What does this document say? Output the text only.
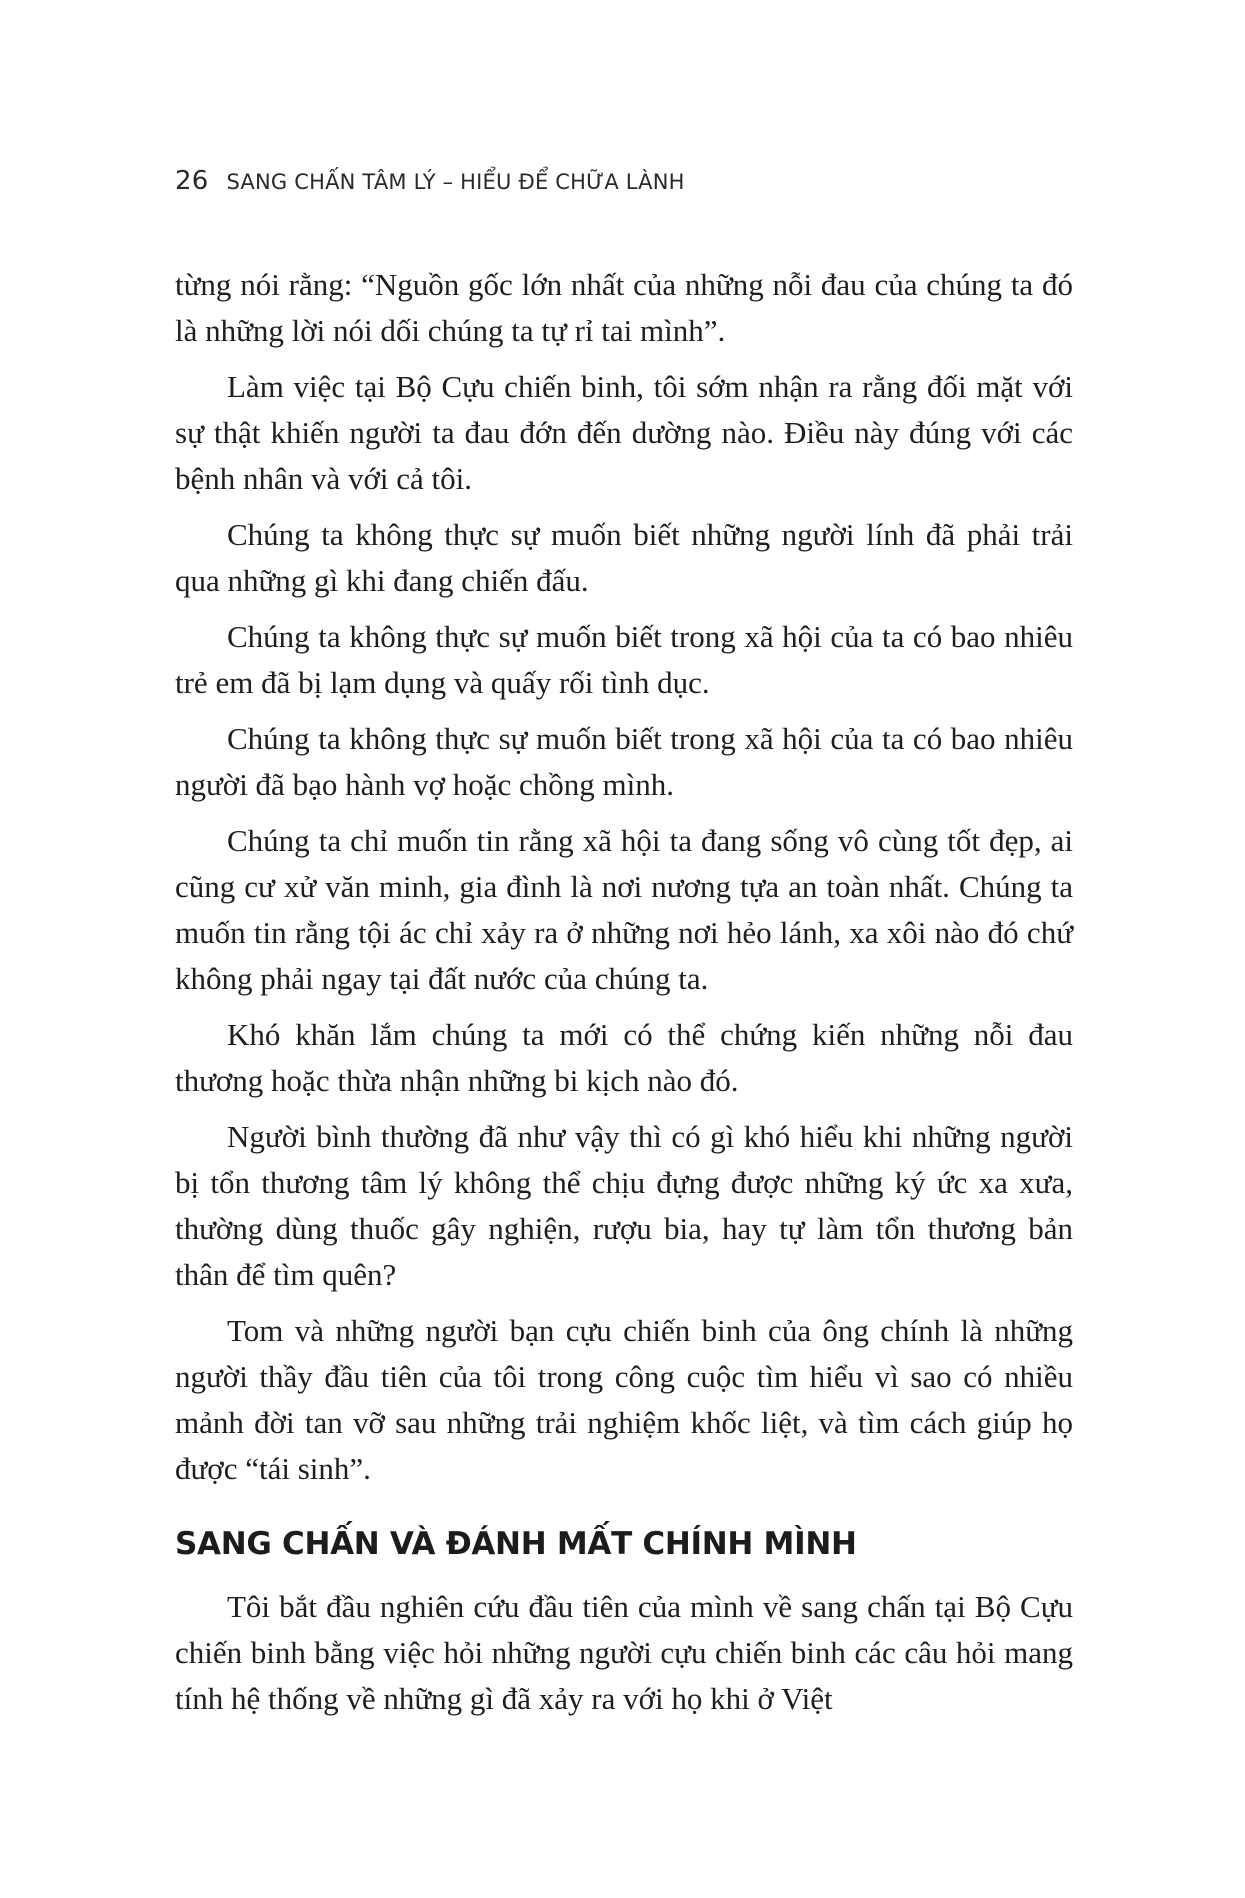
26 SANG CHẤN TÂM LÝ – HIỂU ĐỂ CHỮA LÀNH

từng nói rằng: “Nguồn gốc lớn nhất của những nỗi đau của chúng ta đó là những lời nói dối chúng ta tự rỉ tai mình”.

Làm việc tại Bộ Cựu chiến binh, tôi sớm nhận ra rằng đối mặt với sự thật khiến người ta đau đớn đến dường nào. Điều này đúng với các bệnh nhân và với cả tôi.

Chúng ta không thực sự muốn biết những người lính đã phải trải qua những gì khi đang chiến đấu.

Chúng ta không thực sự muốn biết trong xã hội của ta có bao nhiêu trẻ em đã bị lạm dụng và quấy rối tình dục.

Chúng ta không thực sự muốn biết trong xã hội của ta có bao nhiêu người đã bạo hành vợ hoặc chồng mình.

Chúng ta chỉ muốn tin rằng xã hội ta đang sống vô cùng tốt đẹp, ai cũng cư xử văn minh, gia đình là nơi nương tựa an toàn nhất. Chúng ta muốn tin rằng tội ác chỉ xảy ra ở những nơi hẻo lánh, xa xôi nào đó chứ không phải ngay tại đất nước của chúng ta.

Khó khăn lắm chúng ta mới có thể chứng kiến những nỗi đau thương hoặc thừa nhận những bi kịch nào đó.

Người bình thường đã như vậy thì có gì khó hiểu khi những người bị tổn thương tâm lý không thể chịu đựng được những ký ức xa xưa, thường dùng thuốc gây nghiện, rượu bia, hay tự làm tổn thương bản thân để tìm quên?

Tom và những người bạn cựu chiến binh của ông chính là những người thầy đầu tiên của tôi trong công cuộc tìm hiểu vì sao có nhiều mảnh đời tan vỡ sau những trải nghiệm khốc liệt, và tìm cách giúp họ được “tái sinh”.

SANG CHẤN VÀ ĐÁNH MẤT CHÍNH MÌNH

Tôi bắt đầu nghiên cứu đầu tiên của mình về sang chấn tại Bộ Cựu chiến binh bằng việc hỏi những người cựu chiến binh các câu hỏi mang tính hệ thống về những gì đã xảy ra với họ khi ở Việt
